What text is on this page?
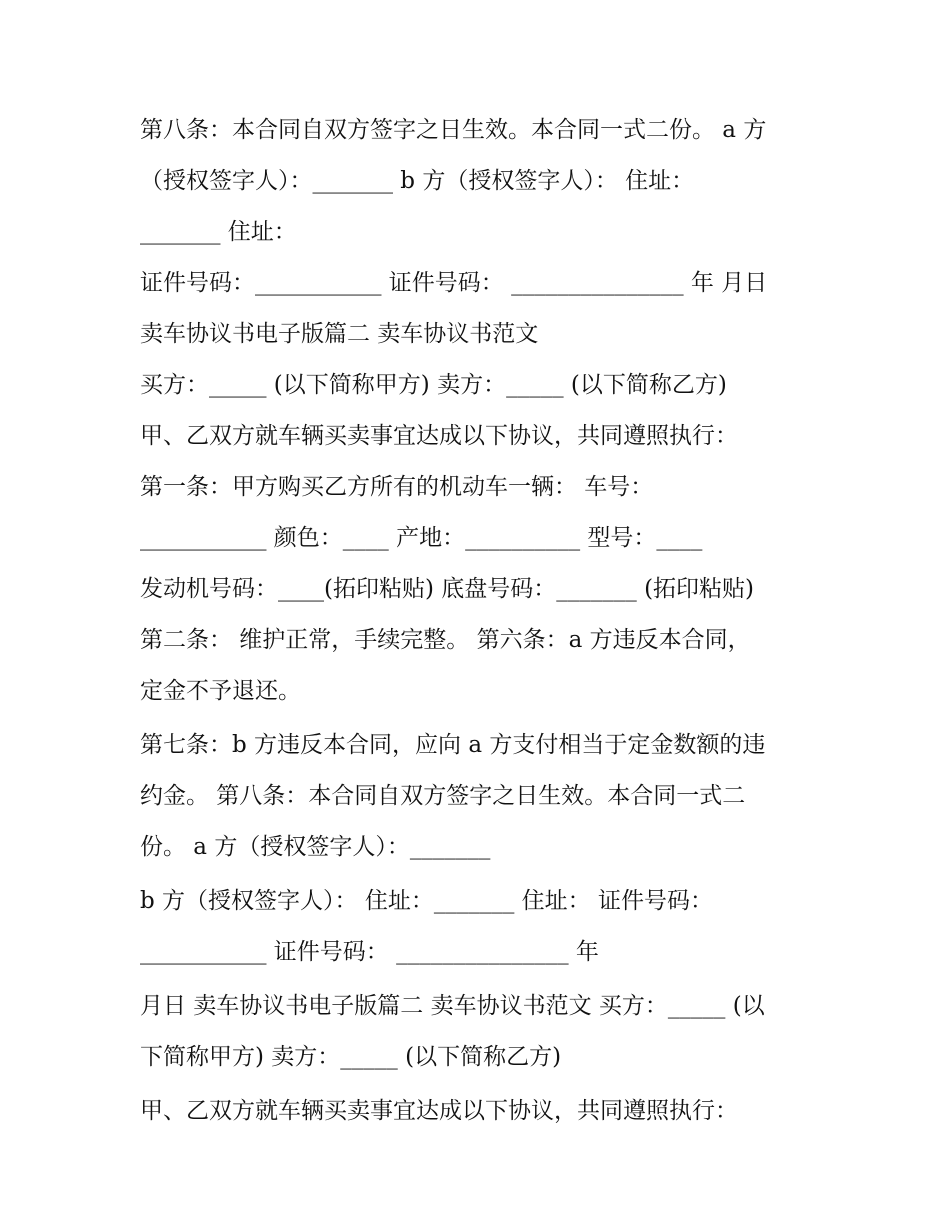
第八条：本合同自双方签字之日生效。本合同一式二份。 a 方
（授权签字人）：_______ b 方（授权签字人）： 住址：
_______ 住址：
证件号码：___________ 证件号码： _______________ 年 月日
卖车协议书电子版篇二 卖车协议书范文
买方：_____ (以下简称甲方) 卖方：_____ (以下简称乙方)
甲、乙双方就车辆买卖事宜达成以下协议，共同遵照执行：
第一条：甲方购买乙方所有的机动车一辆： 车号：
___________ 颜色：____ 产地：__________ 型号：____
发动机号码：____(拓印粘贴) 底盘号码：_______ (拓印粘贴)
第二条： 维护正常，手续完整。 第六条：a 方违反本合同，
定金不予退还。
第七条：b 方违反本合同，应向 a 方支付相当于定金数额的违
约金。 第八条：本合同自双方签字之日生效。本合同一式二
份。 a 方（授权签字人）：_______
b 方（授权签字人）： 住址：_______ 住址： 证件号码：
___________ 证件号码： _______________ 年
月日 卖车协议书电子版篇二 卖车协议书范文 买方：_____ (以
下简称甲方) 卖方：_____ (以下简称乙方)
甲、乙双方就车辆买卖事宜达成以下协议，共同遵照执行：
